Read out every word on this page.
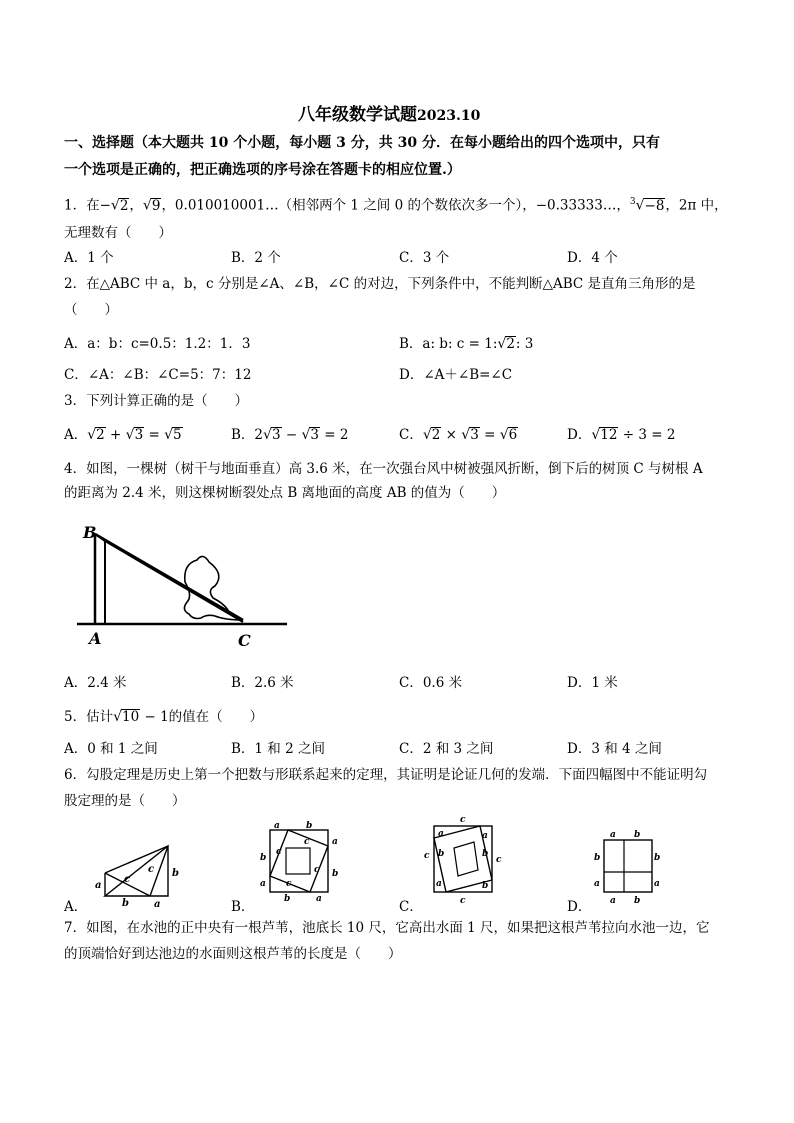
八年级数学试题2023.10
一、选择题（本大题共 10 个小题，每小题 3 分，共 30 分．在每小题给出的四个选项中，只有
一个选项是正确的，把正确选项的序号涂在答题卡的相应位置.）
1．在−√2，√9，0.010010001…（相邻两个 1 之间 0 的个数依次多一个），−0.33333…，$^3$√−8，2π 中，
无理数有（　　）
A．1 个	B．2 个	C．3 个	D．4 个
2．在△ABC 中 a，b，c 分别是∠A、∠B，∠C 的对边，下列条件中，不能判断△ABC 是直角三角形的是
（　　）
A．a：b：c=0.5：1.2：1．3	B．a: b: c = 1:√2: 3
C．∠A：∠B：∠C=5：7：12	D．∠A＋∠B=∠C
3．下列计算正确的是（　　）
A．√2 + √3 = √5	B．2√3 − √3 = 2	C．√2 × √3 = √6	D．√12 ÷ 3 = 2
4．如图，一棵树（树干与地面垂直）高 3.6 米，在一次强台风中树被强风折断，倒下后的树顶 C 与树根 A
的距离为 2.4 米，则这棵树断裂处点 B 离地面的高度 AB 的值为（　　）
B
A	C
A．2.4 米	B．2.6 米	C．0.6 米	D．1 米
5．估计√10 − 1的值在（　　）
A．0 和 1 之间	B．1 和 2 之间	C．2 和 3 之间	D．3 和 4 之间
6．勾股定理是历史上第一个把数与形联系起来的定理，其证明是论证几何的发端．下面四幅图中不能证明勾
股定理的是（　　）
a
b	a
b
c
c
a	b
b
a
a
b
b	a
c
c
c
c
c
a	a
c b
c
b
a	b
c
a b
b	b
a	a
a b
A．	B．	C．	D．
7．如图，在水池的正中央有一根芦苇，池底长 10 尺，它高出水面 1 尺，如果把这根芦苇拉向水池一边，它
的顶端恰好到达池边的水面则这根芦苇的长度是（　　）
